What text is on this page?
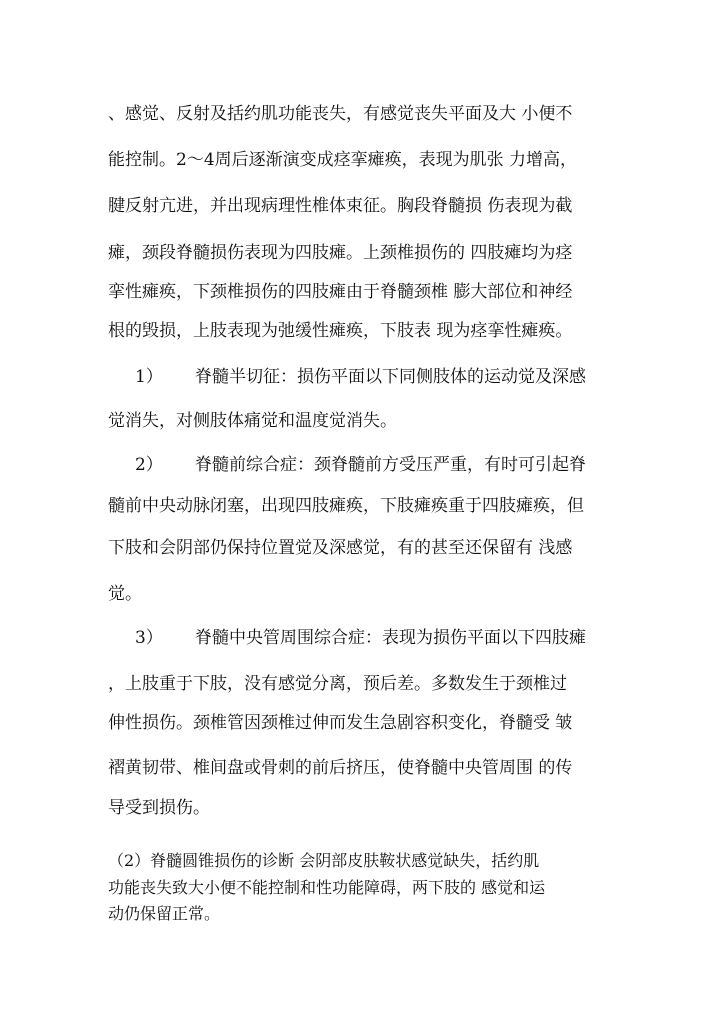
、感觉、反射及括约肌功能丧失，有感觉丧失平面及大 小便不
能控制。2～4周后逐渐演变成痉挛瘫痪，表现为肌张 力增高，
腱反射亢进，并出现病理性椎体束征。胸段脊髓损 伤表现为截
瘫，颈段脊髓损伤表现为四肢瘫。上颈椎损伤的 四肢瘫均为痉
挛性瘫痪，下颈椎损伤的四肢瘫由于脊髓颈椎 膨大部位和神经
根的毁损，上肢表现为弛缓性瘫痪，下肢表 现为痉挛性瘫痪。
1） 脊髓半切征：损伤平面以下同侧肢体的运动觉及深感
觉消失，对侧肢体痛觉和温度觉消失。
2） 脊髓前综合症：颈脊髓前方受压严重，有时可引起脊
髓前中央动脉闭塞，出现四肢瘫痪，下肢瘫痪重于四肢瘫痪，但
下肢和会阴部仍保持位置觉及深感觉，有的甚至还保留有 浅感
觉。
3） 脊髓中央管周围综合症：表现为损伤平面以下四肢瘫
，上肢重于下肢，没有感觉分离，预后差。多数发生于颈椎过
伸性损伤。颈椎管因颈椎过伸而发生急剧容积变化，脊髓受 皱
褶黄韧带、椎间盘或骨刺的前后挤压，使脊髓中央管周围 的传
导受到损伤。
（2）脊髓圆锥损伤的诊断 会阴部皮肤鞍状感觉缺失，括约肌
功能丧失致大小便不能控制和性功能障碍，两下肢的 感觉和运
动仍保留正常。
